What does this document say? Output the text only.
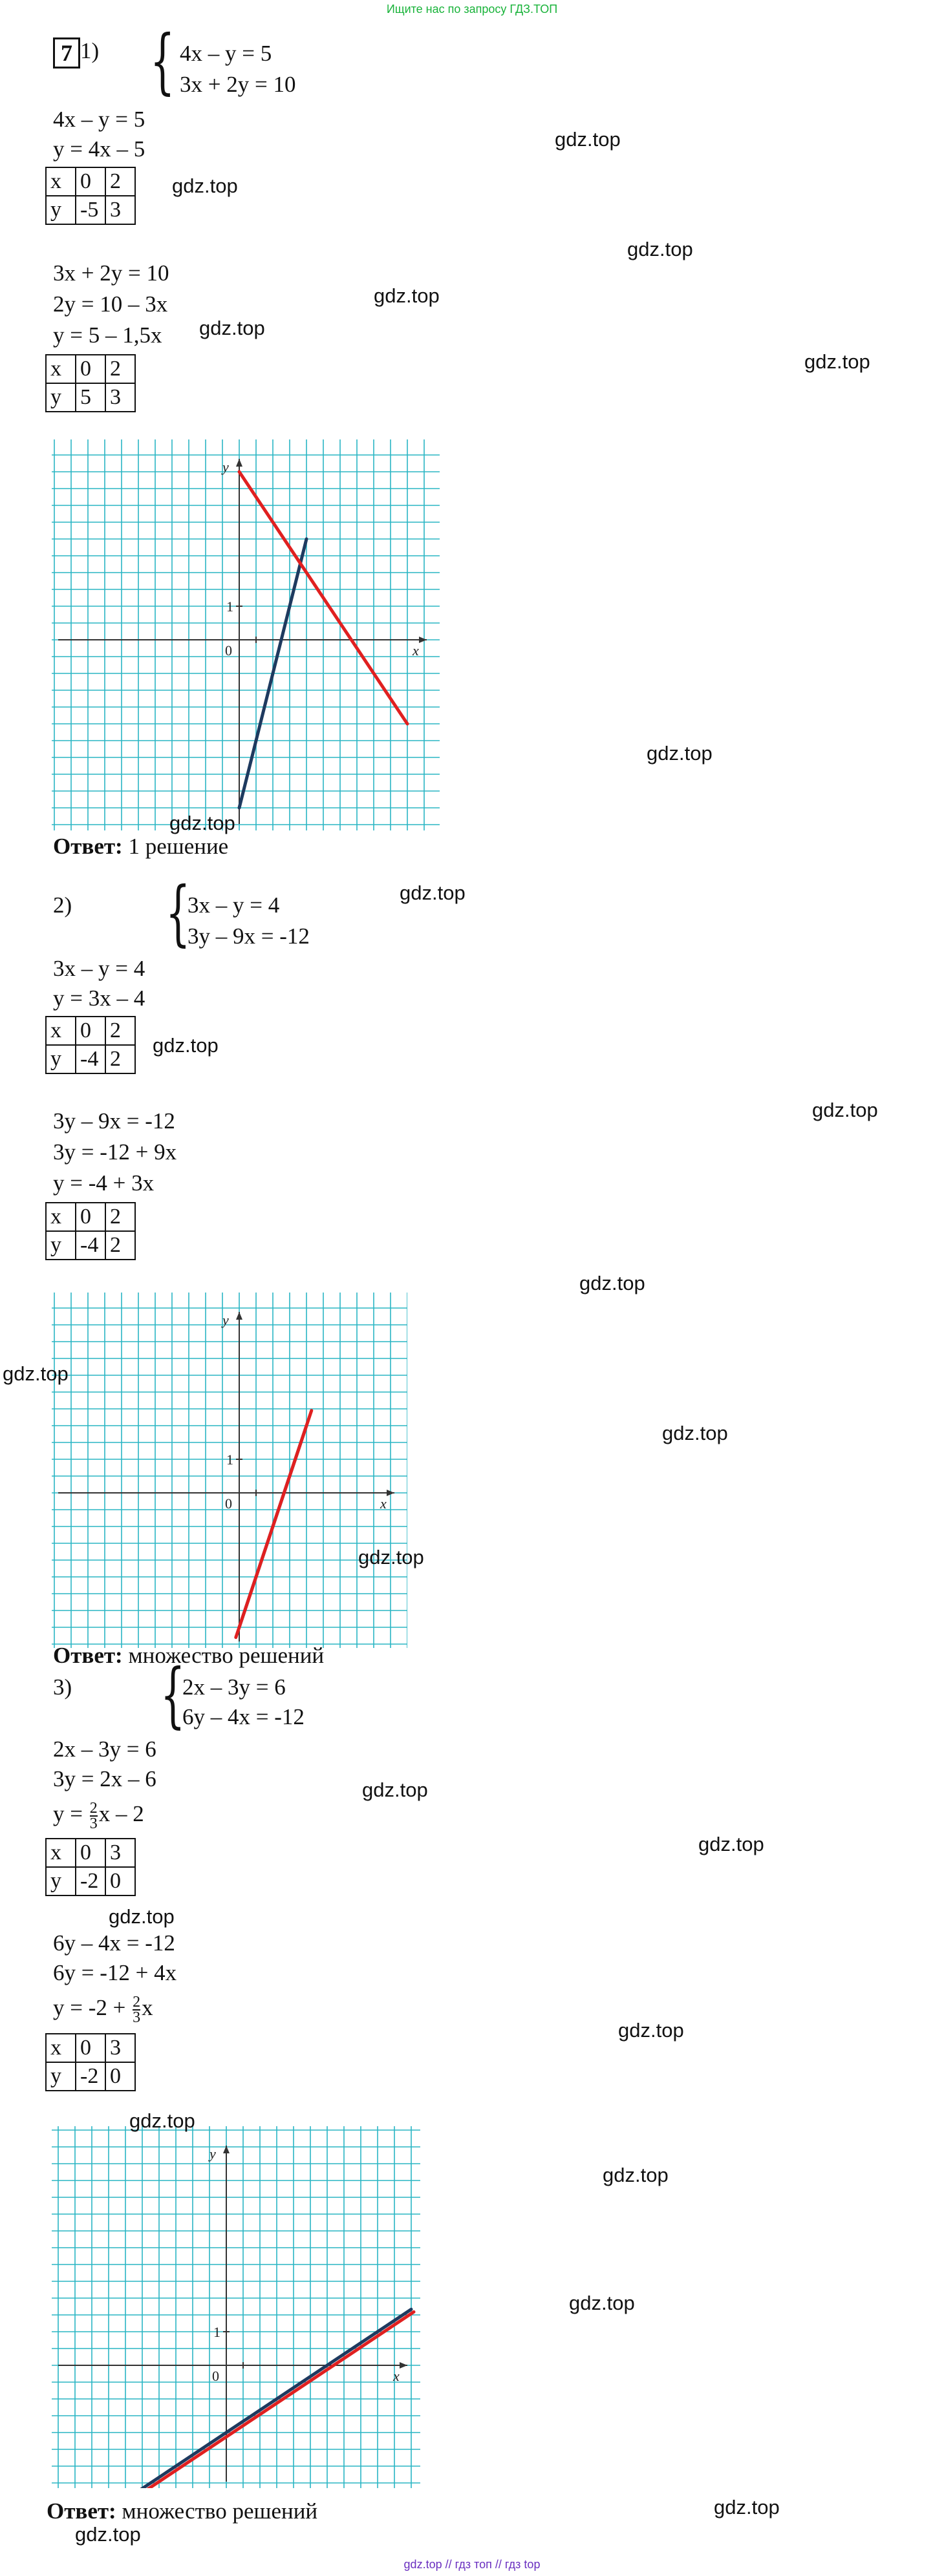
Ищите нас по запросу ГДЗ.ТОП
7 1) { 4x – y = 5
3x + 2y = 10
4x – y = 5
y = 4x – 5
x	0	2
y	-5	3
3x + 2y = 10
2y = 10 – 3x
y = 5 – 1,5x
x	0	2
y	5	3
x
y
0
1
Ответ: 1 решение
2) {
3x – y = 4
3y – 9x = -12
3x – y = 4
y = 3x – 4
x	0	2
y	-4	2
3y – 9x = -12
3y = -12 + 9x
y = -4 + 3x
x	0	2
y	-4	2
x
y
0
1
Ответ: множество решений
3) {
2x – 3y = 6
6y – 4x = -12
2x – 3y = 6
3y = 2x – 6
$y = \frac{2}{3}$ x – 2
x	0	3
y	-2	0
6y – 4x = -12
6y = -12 + 4x
$y = -2 + \frac{2}{3}$ x
x	0	3
y	-2	0
x
y
0
1
Ответ: множество решений
gdz.top
gdz.top
gdz.top
gdz.top
gdz.top
gdz.top
gdz.top
gdz.top
gdz.top
gdz.top
gdz.top
gdz.top
gdz.top
gdz.top
gdz.top
gdz.top
gdz.top
gdz.top
gdz.top
gdz.top
gdz.top
gdz.top
gdz.top
gdz.top
gdz.top // гдз топ // гдз top
